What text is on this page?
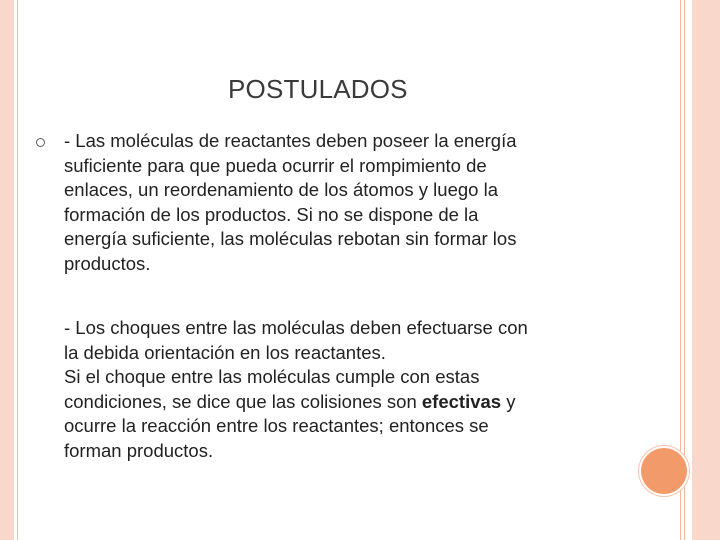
POSTULADOS
- Las moléculas de reactantes deben poseer la energía
suficiente para que pueda ocurrir el rompimiento de
enlaces, un reordenamiento de los átomos y luego la
formación de los productos. Si no se dispone de la
energía suficiente, las moléculas rebotan sin formar los
productos.
- Los choques entre las moléculas deben efectuarse con
la debida orientación en los reactantes.
Si el choque entre las moléculas cumple con estas
condiciones, se dice que las colisiones son efectivas y
ocurre la reacción entre los reactantes; entonces se
forman productos.
